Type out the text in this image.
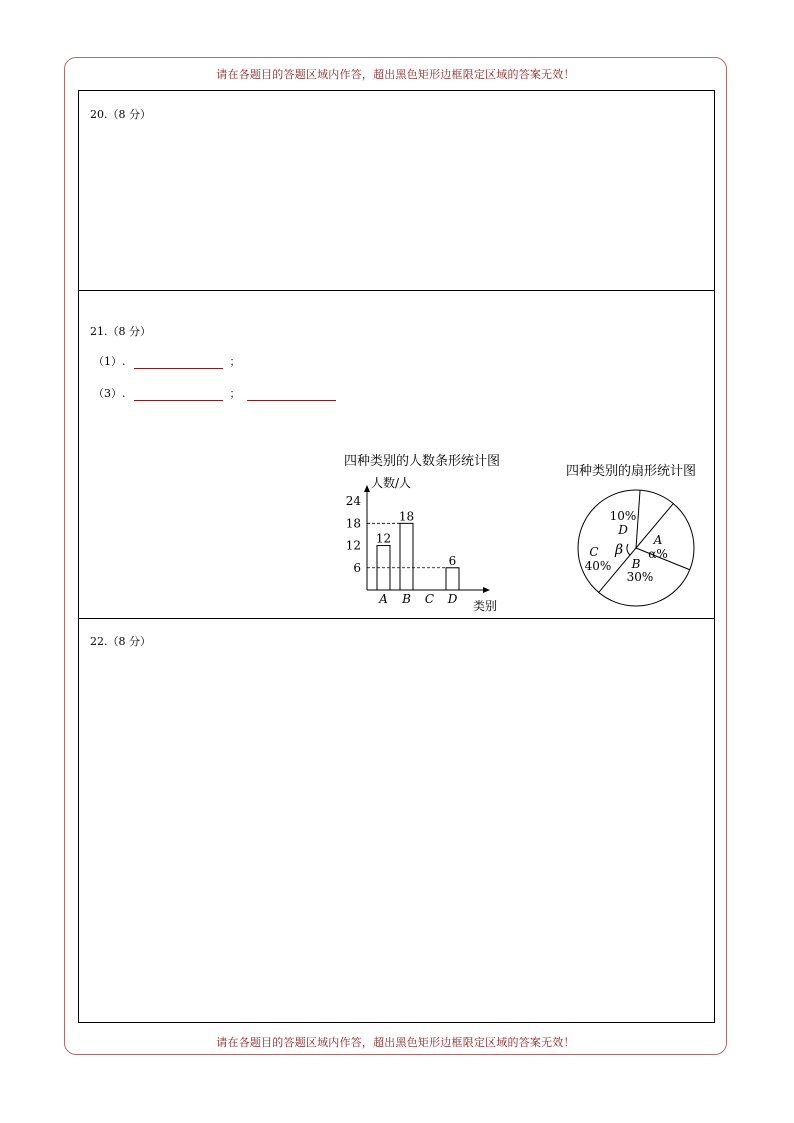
请在各题目的答题区域内作答，超出黑色矩形边框限定区域的答案无效！
20.（8 分）
21.（8 分）
（1）.	；
（3）.	；
四种类别的人数条形统计图
人数/人
类别
6
12
18
24
12
A
18
B C
6
D
四种类别的扇形统计图
D
10%
A
α%
B
30%
C
40%
β
22.（8 分）
请在各题目的答题区域内作答，超出黑色矩形边框限定区域的答案无效！
